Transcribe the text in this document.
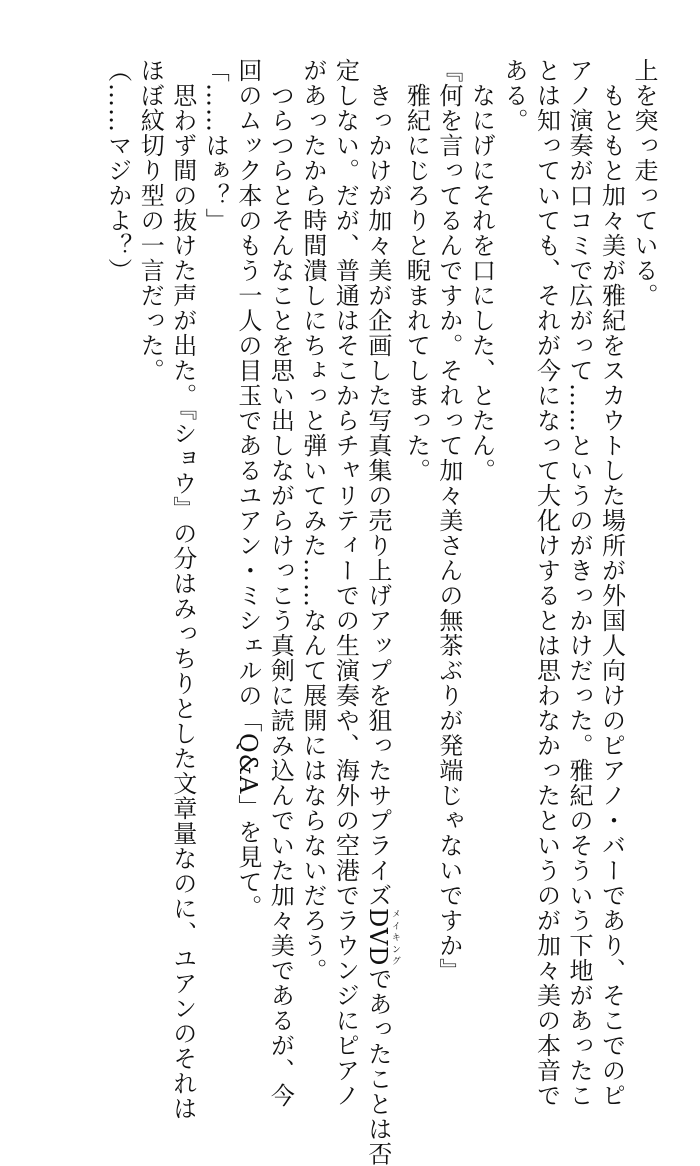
上を突っ走っている。
　もともと加々美が雅紀をスカウトした場所が外国人向けのピアノ・バーであり、そこでのピ
アノ演奏が口コミで広がって……というのがきっかけだった。雅紀のそういう下地があったこ
とは知っていても、それが今になって大化けするとは思わなかったというのが加々美の本音で
ある。
　なにげにそれを口にした、とたん。
『何を言ってるんですか。それって加々美さんの無茶ぶりが発端じゃないですか』
　雅紀にじろりと睨まれてしまった。
　きっかけが加々美が企画した写真集の売り上げアップを狙ったサプライズDVDメイキングであったことは否
定しない。だが、普通はそこからチャリティーでの生演奏や、海外の空港でラウンジにピアノ
があったから時間潰しにちょっと弾いてみた……なんて展開にはならないだろう。
　つらつらとそんなことを思い出しながらけっこう真剣に読み込んでいた加々美であるが、今
回のムック本のもう一人の目玉であるユアン・ミシェルの「Q&A」を見て。
「……はぁ？」
　思わず間の抜けた声が出た。『ショウ』の分はみっちりとした文章量なのに、ユアンのそれは
ほぼ紋切り型の一言だった。
（……マジかよ？）
